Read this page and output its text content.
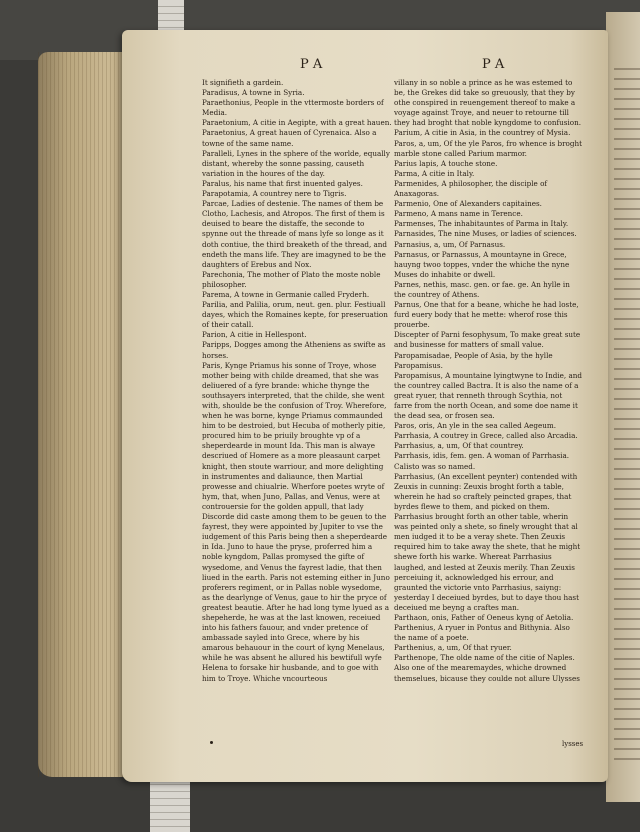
P A	P A

It signifieth a gardein.

Paradisus, A towne in Syria.

Paraethonius, People in the vttermoste borders of Media.

Paraetonium, A citie in Aegipte, with a great hauen.

Paraetonius, A great hauen of Cyrenaica. Also a towne of the same name.

Paralleli, Lynes in the sphere of the worlde, equally distant, whereby the sonne passing, causeth variation in the houres of the day.

Paralus, his name that first inuented galyes.

Parapotamia, A countrey nere to Tigris.

Parcae, Ladies of destenie. The names of them be Clotho, Lachesis, and Atropos. The first of them is deuised to beare the distaffe, the seconde to spynne out the threade of mans lyfe so longe as it doth contiue, the third breaketh of the thread, and endeth the mans life. They are imagyned to be the daughters of Erebus and Nox.

Parechonia, The mother of Plato the moste noble philosopher.

Parema, A towne in Germanie called Fryderh.

Parilia, and Palilia, orum, neut. gen. plur. Festiuall dayes, which the Romaines kepte, for preseruation of their catall.

Parion, A citie in Hellespont.

Paripps, Dogges among the Atheniens as swifte as horses.

Paris, Kynge Priamus his sonne of Troye, whose mother being with childe dreamed, that she was deliuered of a fyre brande: whiche thynge the southsayers interpreted, that the childe, she went with, shoulde be the confusion of Troy. Wherefore, when he was borne, kynge Priamus commaunded him to be destroied, but Hecuba of motherly pitie, procured him to be priuily broughte vp of a sheperdearde in mount Ida. This man is alwaye descriued of Homere as a more pleasaunt carpet knight, then stoute warriour, and more delighting in instrumentes and daliaunce, then Martial prowesse and chiualrie. Wherfore poetes wryte of hym, that, when Juno, Pallas, and Venus, were at controuersie for the golden appull, that lady Discorde did caste among them to be geuen to the fayrest, they were appointed by Jupiter to vse the iudgement of this Paris being then a sheperdearde in Ida. Juno to haue the pryse, proferred him a noble kyngdom, Pallas promysed the gifte of wysedome, and Venus the fayrest ladie, that then liued in the earth. Paris not esteming either in Juno proferers regiment, or in Pallas noble wysedome, as the dearlynge of Venus, gaue to hir the pryce of greatest beautie. After he had long tyme lyued as a shepeherde, he was at the last knowen, receiued into his fathers fauour, and vnder pretence of ambassade sayled into Grece, where by his amarous behauour in the court of kyng Menelaus, while he was absent he allured his bewtifull wyfe Helena to forsake hir husbande, and to goe with him to Troye. Whiche vncourteous

villany in so noble a prince as he was estemed to be, the Grekes did take so greuously, that they by othe conspired in reuengement thereof to make a voyage against Troye, and neuer to retourne till they had broght that noble kyngdome to confusion.

Parium, A citie in Asia, in the countrey of Mysia.

Paros, a, um, Of the yle Paros, fro whence is broght marble stone called Parium marmor.

Parius lapis, A touche stone.

Parma, A citie in Italy.

Parmenides, A philosopher, the disciple of Anaxagoras.

Parmenio, One of Alexanders capitaines.

Parmeno, A mans name in Terence.

Parmenses, The inhabitauntes of Parma in Italy.

Parnasides, The nine Muses, or ladies of sciences.

Parnasius, a, um, Of Parnasus.

Parnasus, or Parnassus, A mountayne in Grece, hauyng twoo toppes, vnder the whiche the nyne Muses do inhabite or dwell.

Parnes, nethis, masc. gen. or fae. ge. An hylle in the countrey of Athens.

Parnus, One that for a beane, whiche he had loste, furd euery body that he mette: wherof rose this prouerbe.

Discepter of Parni fesophysum, To make great sute and businesse for matters of small value.

Paropamisadae, People of Asia, by the hylle Paropamisus.

Paropamisus, A mountaine lyingtwyne to Indie, and the countrey called Bactra. It is also the name of a great ryuer, that renneth through Scythia, not farre from the north Ocean, and some doe name it the dead sea, or frosen sea.

Paros, oris, An yle in the sea called Aegeum.

Parrhasia, A coutrey in Grece, called also Arcadia.

Parrhasius, a, um, Of that countrey.

Parrhasis, idis, fem. gen. A woman of Parrhasia. Calisto was so named.

Parrhasius, (An excellent peynter) contended with Zeuxis in cunning: Zeuxis broght forth a table, wherein he had so craftely peincted grapes, that byrdes flewe to them, and picked on them. Parrhasius brought forth an other table, wherin was peinted only a shete, so finely wrought that al men iudged it to be a veray shete. Then Zeuxis required him to take away the shete, that he might shewe forth his warke. Whereat Parrhasius laughed, and lested at Zeuxis merily. Than Zeuxis perceiuing it, acknowledged his errour, and graunted the victorie vnto Parrhasius, saiyng: yesterday I deceiued byrdes, but to daye thou hast deceiued me beyng a craftes man.

Parthaon, onis, Father of Oeneus kyng of Aetolia.

Parthenius, A ryuer in Pontus and Bithynia. Also the name of a poete.

Parthenius, a, um, Of that ryuer.

Parthenope, The olde name of the citie of Naples. Also one of the mearemaydes, whiche drowned themselues, bicause they coulde not allure Ulysses

lysses
